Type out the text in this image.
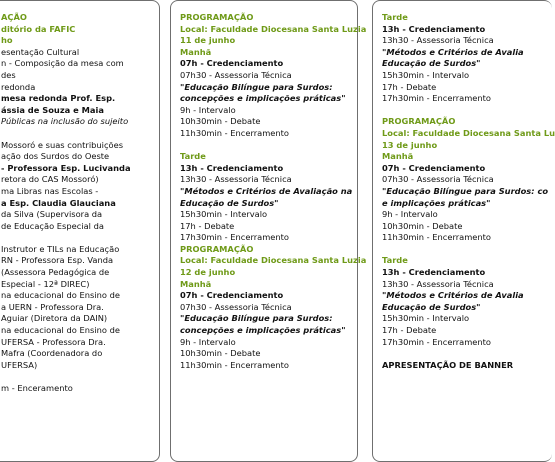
AÇÃO
ditório da FAFIC
ho
esentação Cultural
n - Composição da mesa com
des
redonda
mesa redonda Prof. Esp.
ássia de Souza e Maia
Públicas na inclusão do sujeito
Mossoró e suas contribuições
ação dos Surdos do Oeste
- Professora Esp. Lucivanda
retora do CAS Mossoró)
ma Libras nas Escolas -
a Esp. Claudia Glauciana
da Silva (Supervisora da
de Educação Especial da
Instrutor e TILs na Educação
RN - Professora Esp. Vanda
(Assessora Pedagógica de
Especial - 12ª DIREC)
na educacional do Ensino de
a UERN - Professora Dra.
Aguiar (Diretora da DAIN)
na educacional do Ensino de
UFERSA - Professora Dra.
Mafra (Coordenadora do
UFERSA)
m - Enceramento
PROGRAMAÇÃO
Local: Faculdade Diocesana Santa Luzia
11 de junho
Manhã
07h - Credenciamento
07h30 - Assessoria Técnica
"Educação Bilíngue para Surdos:
concepções e implicações práticas"
9h - Intervalo
10h30min - Debate
11h30min - Encerramento
Tarde
13h - Credenciamento
13h30 - Assessoria Técnica
"Métodos e Critérios de Avaliação na
Educação de Surdos"
15h30min - Intervalo
17h - Debate
17h30min - Encerramento
PROGRAMAÇÃO
Local: Faculdade Diocesana Santa Luzia
12 de junho
Manhã
07h - Credenciamento
07h30 - Assessoria Técnica
"Educação Bilíngue para Surdos:
concepções e implicações práticas"
9h - Intervalo
10h30min - Debate
11h30min - Encerramento
Tarde
13h - Credenciamento
13h30 - Assessoria Técnica
"Métodos e Critérios de Avalia
Educação de Surdos"
15h30min - Intervalo
17h - Debate
17h30min - Encerramento
PROGRAMAÇÃO
Local: Faculdade Diocesana Santa Lu
13 de junho
Manhã
07h - Credenciamento
07h30 - Assessoria Técnica
"Educação Bilíngue para Surdos: co
e implicações práticas"
9h - Intervalo
10h30min - Debate
11h30min - Encerramento
Tarde
13h - Credenciamento
13h30 - Assessoria Técnica
"Métodos e Critérios de Avalia
Educação de Surdos"
15h30min - Intervalo
17h - Debate
17h30min - Encerramento
APRESENTAÇÃO DE BANNER
